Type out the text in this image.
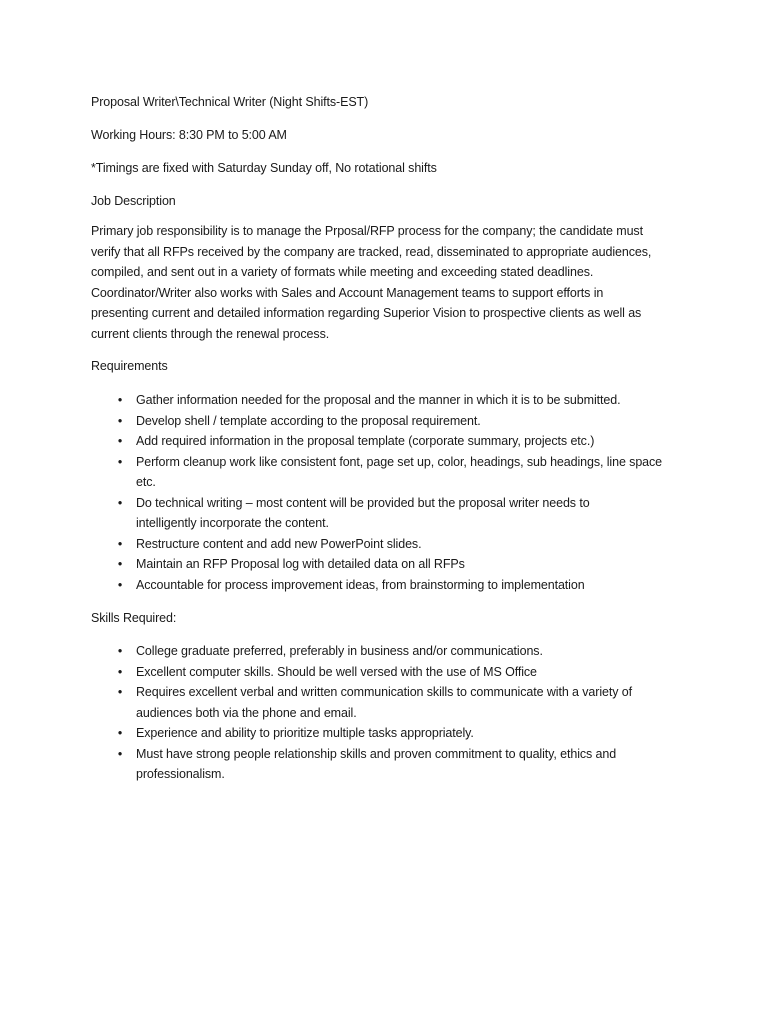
Proposal Writer\Technical Writer (Night Shifts-EST)

Working Hours: 8:30 PM to 5:00 AM

*Timings are fixed with Saturday Sunday off, No rotational shifts

Job Description

Primary job responsibility is to manage the Prposal/RFP process for the company; the candidate must
verify that all RFPs received by the company are tracked, read, disseminated to appropriate audiences,
compiled, and sent out in a variety of formats while meeting and exceeding stated deadlines.
Coordinator/Writer also works with Sales and Account Management teams to support efforts in
presenting current and detailed information regarding Superior Vision to prospective clients as well as
current clients through the renewal process.

Requirements
• Gather information needed for the proposal and the manner in which it is to be submitted.
• Develop shell / template according to the proposal requirement.
• Add required information in the proposal template (corporate summary, projects etc.)
• Perform cleanup work like consistent font, page set up, color, headings, sub headings, line space
etc.
• Do technical writing – most content will be provided but the proposal writer needs to
intelligently incorporate the content.
• Restructure content and add new PowerPoint slides.
• Maintain an RFP Proposal log with detailed data on all RFPs
• Accountable for process improvement ideas, from brainstorming to implementation
Skills Required:
• College graduate preferred, preferably in business and/or communications.
• Excellent computer skills. Should be well versed with the use of MS Office
• Requires excellent verbal and written communication skills to communicate with a variety of
audiences both via the phone and email.
• Experience and ability to prioritize multiple tasks appropriately.
• Must have strong people relationship skills and proven commitment to quality, ethics and
professionalism.
